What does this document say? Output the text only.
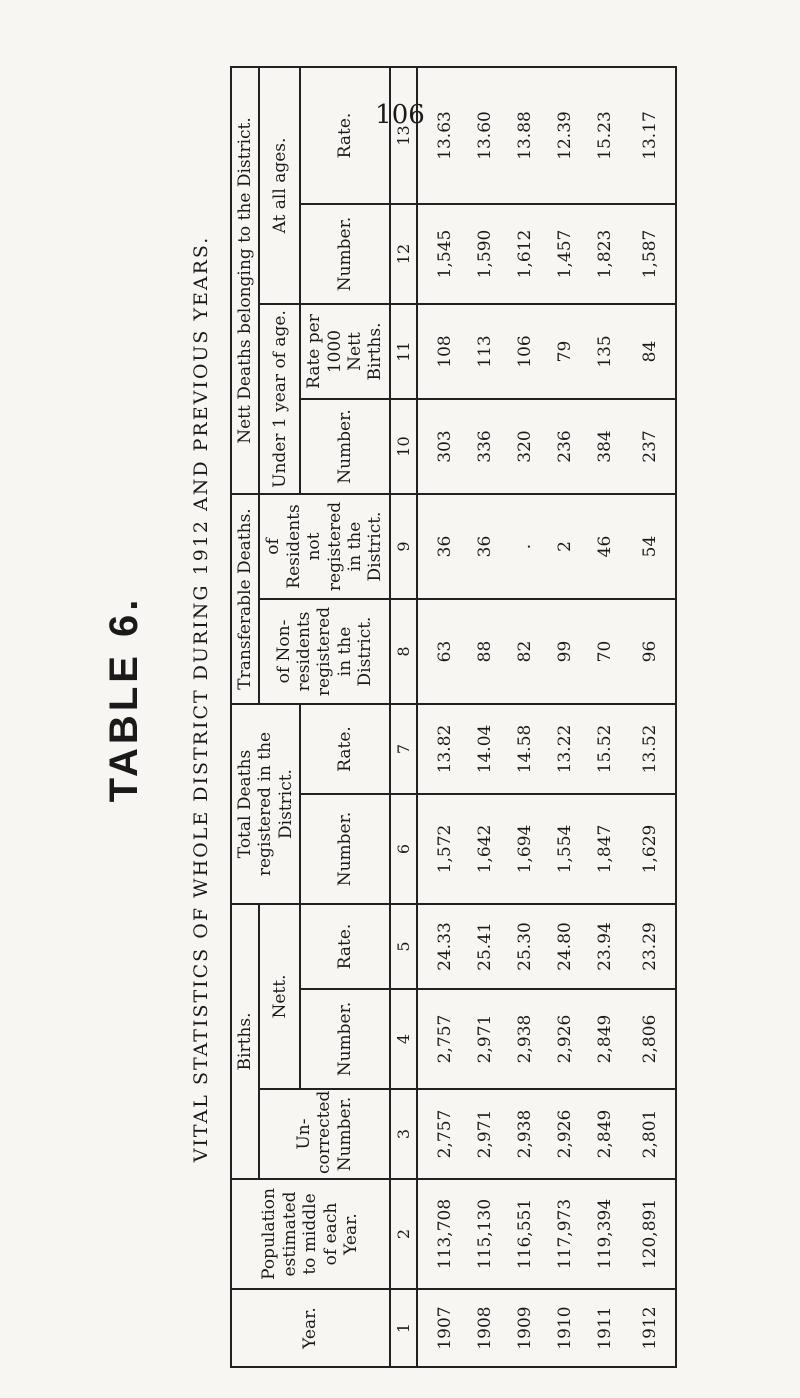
106
TABLE 6. VITAL STATISTICS OF WHOLE DISTRICT DURING 1912 AND PREVIOUS YEARS.
Year.	Population estimated to middle of each Year.	Births.			Total Deaths registered in the District.		Transferable Deaths.		Nett Deaths belonging to the District.			
		Un-corrected Number.	Nett.				of Non-residents registered in the District.	of Residents not registered in the District.	Under 1 year of age.		At all ages.	
			Number.	Rate.	Number.	Rate.			Number.	Rate per 1000 Nett Births.	Number.	Rate.
1	2	3	4	5	6	7	8	9	10	11	12	13
1907	113,708	2,757	2,757	24.33	1,572	13.82	63	36	303	108	1,545	13.63
1908	115,130	2,971	2,971	25.41	1,642	14.04	88	36	336	113	1,590	13.60
1909	116,551	2,938	2,938	25.30	1,694	14.58	82	.	320	106	1,612	13.88
1910	117,973	2,926	2,926	24.80	1,554	13.22	99	2	236	79	1,457	12.39
1911	119,394	2,849	2,849	23.94	1,847	15.52	70	46	384	135	1,823	15.23
1912	120,891	2,801	2,806	23.29	1,629	13.52	96	54	237	84	1,587	13.17
